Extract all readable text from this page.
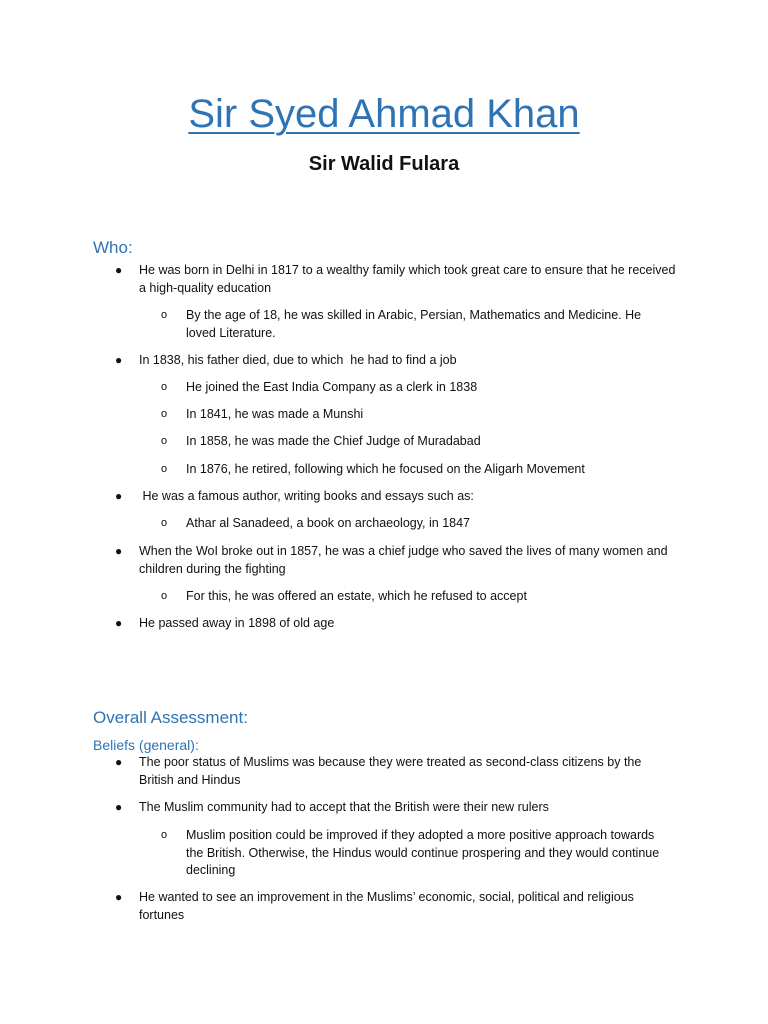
Sir Syed Ahmad Khan
Sir Walid Fulara
Who:
● He was born in Delhi in 1817 to a wealthy family which took great care to ensure that he received a high-quality education
o By the age of 18, he was skilled in Arabic, Persian, Mathematics and Medicine. He loved Literature.
● In 1838, his father died, due to which  he had to find a job
o He joined the East India Company as a clerk in 1838
o In 1841, he was made a Munshi
o In 1858, he was made the Chief Judge of Muradabad
o In 1876, he retired, following which he focused on the Aligarh Movement
● He was a famous author, writing books and essays such as:
o Athar al Sanadeed, a book on archaeology, in 1847
● When the WoI broke out in 1857, he was a chief judge who saved the lives of many women and children during the fighting
o For this, he was offered an estate, which he refused to accept
● He passed away in 1898 of old age
Overall Assessment:
Beliefs (general):
● The poor status of Muslims was because they were treated as second-class citizens by the British and Hindus
● The Muslim community had to accept that the British were their new rulers
o Muslim position could be improved if they adopted a more positive approach towards the British. Otherwise, the Hindus would continue prospering and they would continue declining
● He wanted to see an improvement in the Muslims’ economic, social, political and religious fortunes
